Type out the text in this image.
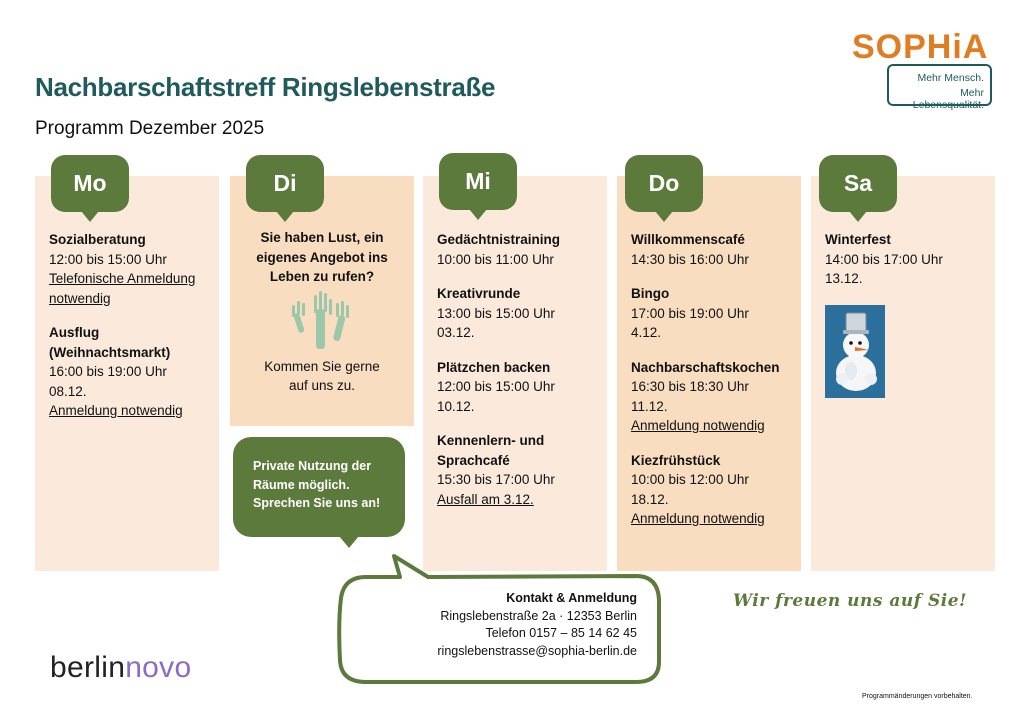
Nachbarschaftstreff Ringslebenstraße
Programm Dezember 2025
SOPHiA
Mehr Mensch.
Mehr Lebensqualität.
Mo
Sozialberatung
12:00 bis 15:00 Uhr
Telefonische Anmeldung notwendig
Ausflug (Weihnachtsmarkt)
16:00 bis 19:00 Uhr
08.12.
Anmeldung notwendig
Di
Sie haben Lust, ein eigenes Angebot ins Leben zu rufen?
Kommen Sie gerne auf uns zu.
Private Nutzung der
Räume möglich.
Sprechen Sie uns an!
Mi
Gedächtnistraining
10:00 bis 11:00 Uhr
Kreativrunde
13:00 bis 15:00 Uhr
03.12.
Plätzchen backen
12:00 bis 15:00 Uhr
10.12.
Kennenlern- und Sprachcafé
15:30 bis 17:00 Uhr
Ausfall am 3.12.
Do
Willkommenscafé
14:30 bis 16:00 Uhr
Bingo
17:00 bis 19:00 Uhr
4.12.
Nachbarschaftskochen
16:30 bis 18:30 Uhr
11.12.
Anmeldung notwendig
Kiezfrühstück
10:00 bis 12:00 Uhr
18.12.
Anmeldung notwendig
Sa
Winterfest
14:00 bis 17:00 Uhr
13.12.
Kontakt & Anmeldung
Ringslebenstraße 2a · 12353 Berlin
Telefon 0157 – 85 14 62 45
ringslebenstrasse@sophia-berlin.de
Wir freuen uns auf Sie!
berlinnovo
Programmänderungen vorbehalten.
